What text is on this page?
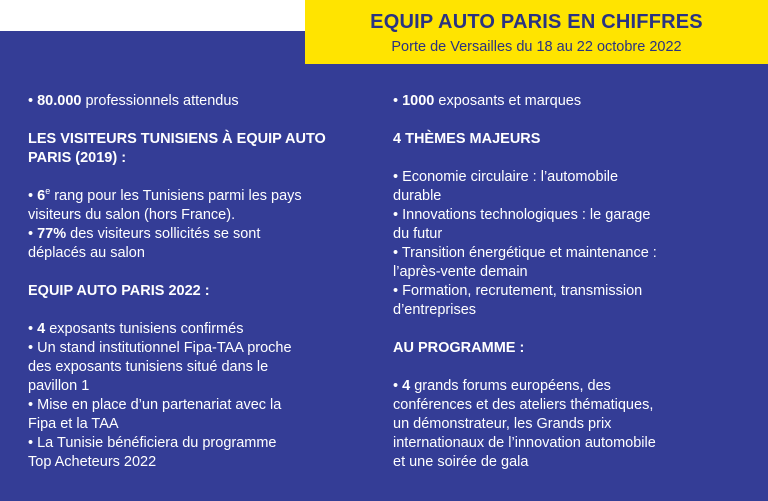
EQUIP AUTO PARIS EN CHIFFRES
Porte de Versailles du 18 au 22 octobre 2022
• 80.000 professionnels attendus
LES VISITEURS TUNISIENS À EQUIP AUTO
PARIS (2019) :
• 6e rang pour les Tunisiens parmi les pays
visiteurs du salon (hors France).
• 77% des visiteurs sollicités se sont
déplacés au salon
EQUIP AUTO PARIS 2022 :
• 4 exposants tunisiens confirmés
• Un stand institutionnel Fipa-TAA proche
des exposants tunisiens situé dans le
pavillon 1
• Mise en place d’un partenariat avec la
Fipa et la TAA
• La Tunisie bénéficiera du programme
Top Acheteurs 2022
• 1000 exposants et marques
4 THÈMES MAJEURS
• Economie circulaire : l’automobile
durable
• Innovations technologiques : le garage
du futur
• Transition énergétique et maintenance :
l’après-vente demain
• Formation, recrutement, transmission
d’entreprises
AU PROGRAMME :
• 4 grands forums européens, des
conférences et des ateliers thématiques,
un démonstrateur, les Grands prix
internationaux de l’innovation automobile
et une soirée de gala
